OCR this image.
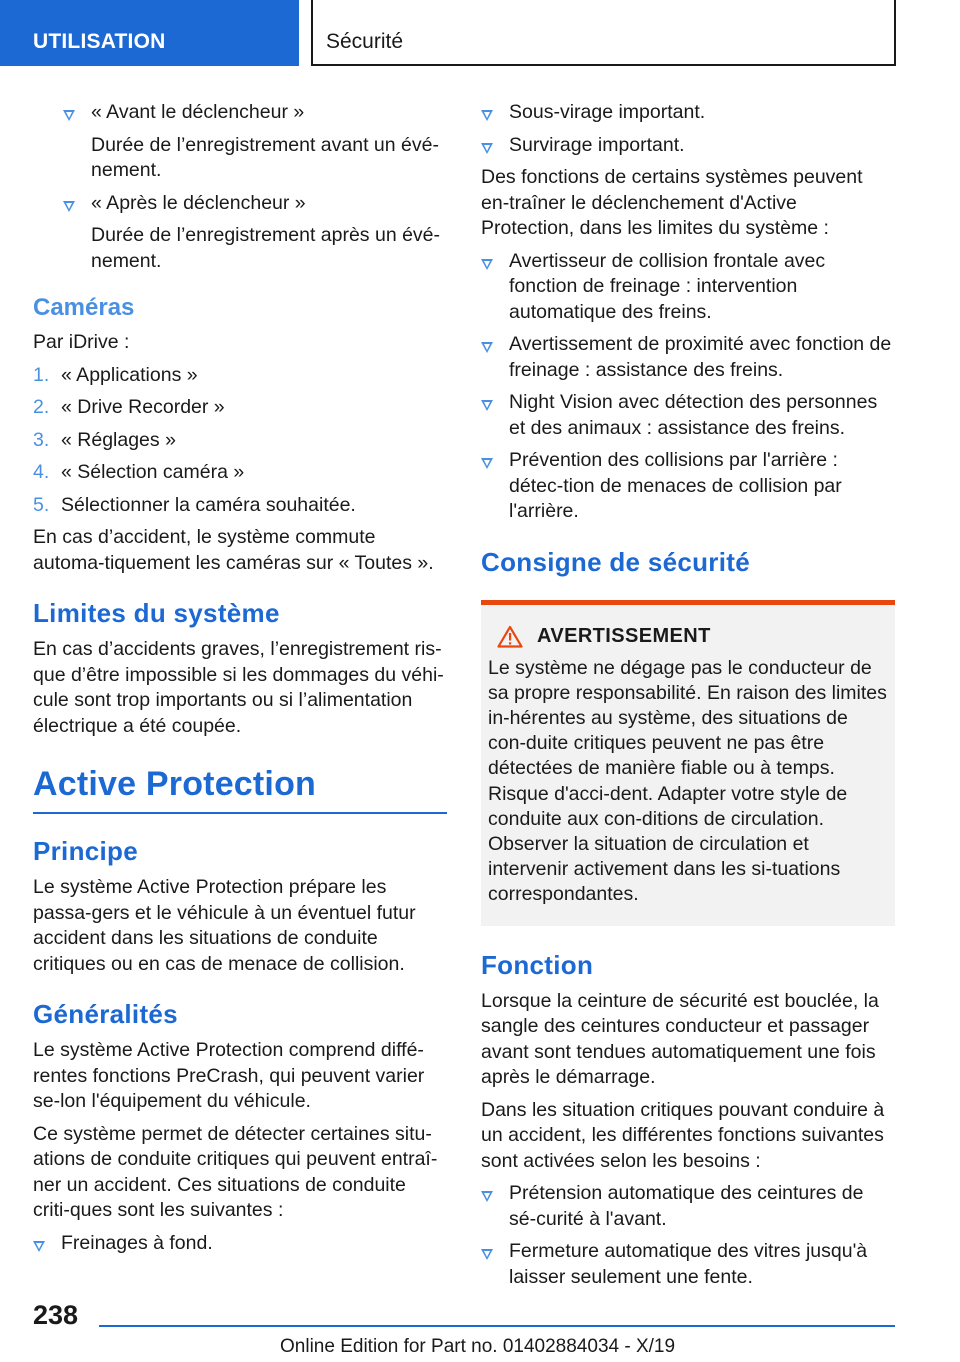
UTILISATION	Sécurité
« Avant le déclencheur »
Durée de l’enregistrement avant un évé-nement.
« Après le déclencheur »
Durée de l’enregistrement après un évé-nement.
Caméras

Par iDrive :

1. « Applications »
2. « Drive Recorder »
3. « Réglages »
4. « Sélection caméra »
5. Sélectionner la caméra souhaitée.

En cas d’accident, le système commute automa-tiquement les caméras sur « Toutes ».

Limites du système

En cas d’accidents graves, l’enregistrement ris-que d’être impossible si les dommages du véhi-cule sont trop importants ou si l’alimentation électrique a été coupée.

Active Protection
Principe

Le système Active Protection prépare les passa-gers et le véhicule à un éventuel futur accident dans les situations de conduite critiques ou en cas de menace de collision.

Généralités

Le système Active Protection comprend diffé-rentes fonctions PreCrash, qui peuvent varier se-lon l'équipement du véhicule.

Ce système permet de détecter certaines situ-ations de conduite critiques qui peuvent entraî-ner un accident. Ces situations de conduite criti-ques sont les suivantes :

Freinages à fond.
Sous-virage important.
Survirage important.

Des fonctions de certains systèmes peuvent en-traîner le déclenchement d'Active Protection, dans les limites du système :

Avertisseur de collision frontale avec fonction de freinage : intervention automatique des freins.
Avertissement de proximité avec fonction de freinage : assistance des freins.
Night Vision avec détection des personnes et des animaux : assistance des freins.
Prévention des collisions par l'arrière : détec-tion de menaces de collision par l'arrière.
Consigne de sécurité
AVERTISSEMENT

Le système ne dégage pas le conducteur de sa propre responsabilité. En raison des limites in-hérentes au système, des situations de con-duite critiques peuvent ne pas être détectées de manière fiable ou à temps. Risque d'acci-dent. Adapter votre style de conduite aux con-ditions de circulation. Observer la situation de circulation et intervenir activement dans les si-tuations correspondantes.

Fonction

Lorsque la ceinture de sécurité est bouclée, la sangle des ceintures conducteur et passager avant sont tendues automatiquement une fois après le démarrage.

Dans les situation critiques pouvant conduire à un accident, les différentes fonctions suivantes sont activées selon les besoins :

Prétension automatique des ceintures de sé-curité à l'avant.
Fermeture automatique des vitres jusqu'à laisser seulement une fente.
238
Online Edition for Part no. 01402884034 - X/19
